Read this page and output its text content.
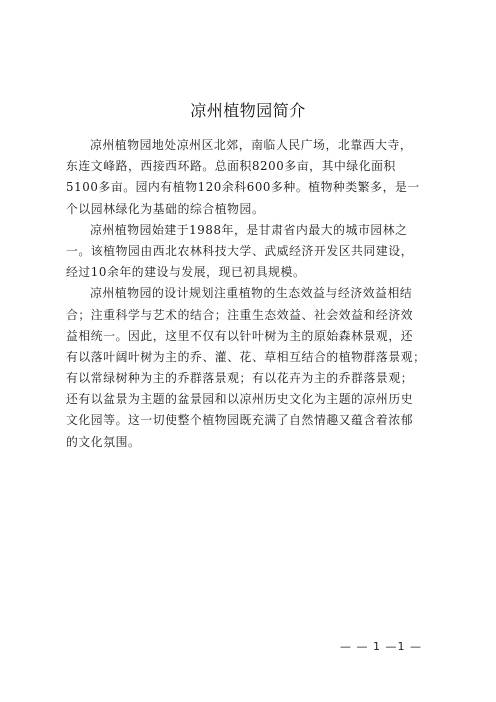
凉州植物园简介
凉州植物园地处凉州区北郊，南临人民广场，北靠西大寺，
东连文峰路，西接西环路。总面积8200多亩，其中绿化面积
5100多亩。园内有植物120余科600多种。植物种类繁多，是一
个以园林绿化为基础的综合植物园。
凉州植物园始建于1988年，是甘肃省内最大的城市园林之
一。该植物园由西北农林科技大学、武威经济开发区共同建设，
经过10余年的建设与发展，现已初具规模。
凉州植物园的设计规划注重植物的生态效益与经济效益相结
合；注重科学与艺术的结合；注重生态效益、社会效益和经济效
益相统一。因此，这里不仅有以针叶树为主的原始森林景观，还
有以落叶阔叶树为主的乔、灌、花、草相互结合的植物群落景观；
有以常绿树种为主的乔群落景观；有以花卉为主的乔群落景观；
还有以盆景为主题的盆景园和以凉州历史文化为主题的凉州历史
文化园等。这一切使整个植物园既充满了自然情趣又蕴含着浓郁
的文化氛围。
— — 1 —1 —
